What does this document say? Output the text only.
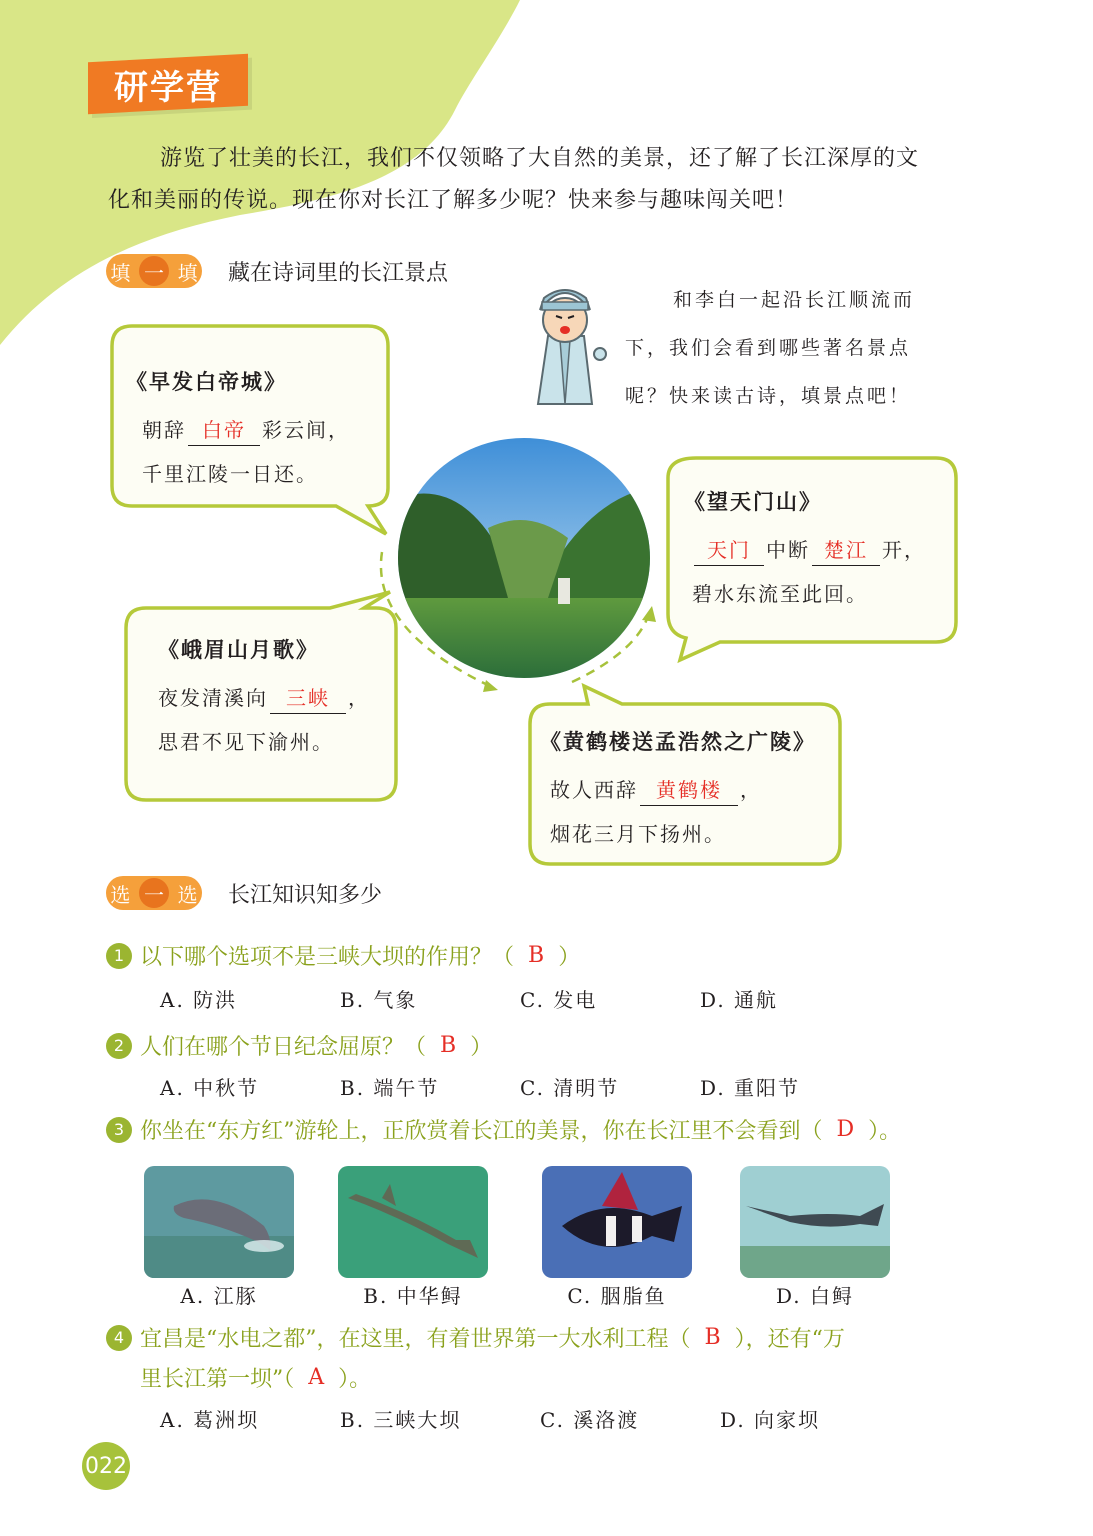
研学营

游览了壮美的长江，我们不仅领略了大自然的美景，还了解了长江深厚的文

化和美丽的传说。现在你对长江了解多少呢？快来参与趣味闯关吧！
填 一 填 藏在诗词里的长江景点
和李白一起沿长江顺流而
下，我们会看到哪些著名景点
呢？快来读古诗，填景点吧！
《早发白帝城》
朝辞 白帝 彩云间，
千里江陵一日还。
《望天门山》
天门 中断 楚江 开，
碧水东流至此回。
《峨眉山月歌》
夜发清溪向 三峡 ，
思君不见下渝州。	《黄鹤楼送孟浩然之广陵》
故人西辞 黄鹤楼 ，
烟花三月下扬州。
选 一 选 长江知识知多少
1 以下哪个选项不是三峡大坝的作用？（ B ）
A. 防洪	B. 气象	C. 发电	D. 通航
2 人们在哪个节日纪念屈原？（ B ）
A. 中秋节	B. 端午节	C. 清明节	D. 重阳节
3 你坐在“东方红”游轮上，正欣赏着长江的美景，你在长江里不会看到（ D ）。
A. 江豚	B. 中华鲟	C. 胭脂鱼	D. 白鲟
4 宜昌是“水电之都”，在这里，有着世界第一大水利工程（ B ），还有“万
里长江第一坝”（ A ）。
A. 葛洲坝	B. 三峡大坝	C. 溪洛渡	D. 向家坝
022
